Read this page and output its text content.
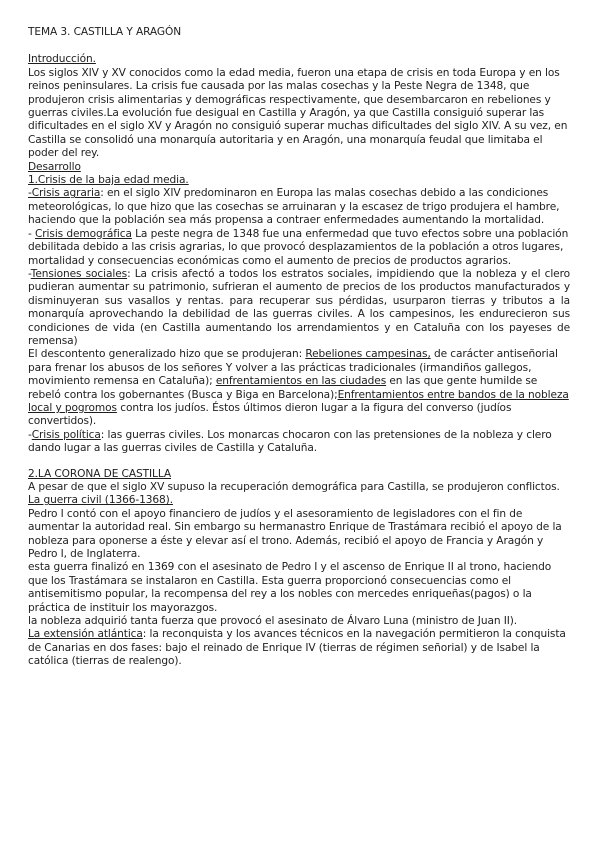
TEMA 3. CASTILLA Y ARAGÓN

Introducción.

Los siglos XIV y XV conocidos como la edad media, fueron una etapa de crisis en toda Europa y en los reinos peninsulares. La crisis fue causada por las malas cosechas y la Peste Negra de 1348, que produjeron crisis alimentarias y demográficas respectivamente, que desembarcaron en rebeliones y guerras civiles.La evolución fue desigual en Castilla y Aragón, ya que Castilla consiguió superar las dificultades en el siglo XV y Aragón no consiguió superar muchas dificultades del siglo XIV. A su vez, en Castilla se consolidó una monarquía autoritaria y en Aragón, una monarquía feudal que limitaba el poder del rey.

Desarrollo

1.Crisis de la baja edad media.

-Crisis agraria: en el siglo XIV predominaron en Europa las malas cosechas debido a las condiciones meteorológicas, lo que hizo que las cosechas se arruinaran y la escasez de trigo produjera el hambre, haciendo que la población sea más propensa a contraer enfermedades aumentando la mortalidad.

- Crisis demográfica La peste negra de 1348 fue una enfermedad que tuvo efectos sobre una población debilitada debido a las crisis agrarias, lo que provocó desplazamientos de la población a otros lugares, mortalidad y consecuencias económicas como el aumento de precios de productos agrarios.

-Tensiones sociales: La crisis afectó a todos los estratos sociales, impidiendo que la nobleza y el clero pudieran aumentar su patrimonio, sufrieran el aumento de precios de los productos manufacturados y disminuyeran sus vasallos y rentas. para recuperar sus pérdidas, usurparon tierras y tributos a la monarquía aprovechando la debilidad de las guerras civiles. A los campesinos, les endurecieron sus condiciones de vida (en Castilla aumentando los arrendamientos y en Cataluña con los payeses de remensa)

El descontento generalizado hizo que se produjeran: Rebeliones campesinas, de carácter antiseñorial para frenar los abusos de los señores Y volver a las prácticas tradicionales (irmandiños gallegos, movimiento remensa en Cataluña); enfrentamientos en las ciudades en las que gente humilde se rebeló contra los gobernantes (Busca y Biga en Barcelona);Enfrentamientos entre bandos de la nobleza local y pogromos contra los judíos. Éstos últimos dieron lugar a la figura del converso (judíos convertidos).

-Crisis política: las guerras civiles. Los monarcas chocaron con las pretensiones de la nobleza y clero dando lugar a las guerras civiles de Castilla y Cataluña.

2.LA CORONA DE CASTILLA

A pesar de que el siglo XV supuso la recuperación demográfica para Castilla, se produjeron conflictos.

La guerra civil (1366-1368).

Pedro I contó con el apoyo financiero de judíos y el asesoramiento de legisladores con el fin de aumentar la autoridad real. Sin embargo su hermanastro Enrique de Trastámara recibió el apoyo de la nobleza para oponerse a éste y elevar así el trono. Además, recibió el apoyo de Francia y Aragón y Pedro I, de Inglaterra.

esta guerra finalizó en 1369 con el asesinato de Pedro I y el ascenso de Enrique II al trono, haciendo que los Trastámara se instalaron en Castilla. Esta guerra proporcionó consecuencias como el antisemitismo popular, la recompensa del rey a los nobles con mercedes enriqueñas(pagos) o la práctica de instituir los mayorazgos.

la nobleza adquirió tanta fuerza que provocó el asesinato de Álvaro Luna (ministro de Juan II).

La extensión atlántica: la reconquista y los avances técnicos en la navegación permitieron la conquista de Canarias en dos fases: bajo el reinado de Enrique IV (tierras de régimen señorial) y de Isabel la católica (tierras de realengo).
